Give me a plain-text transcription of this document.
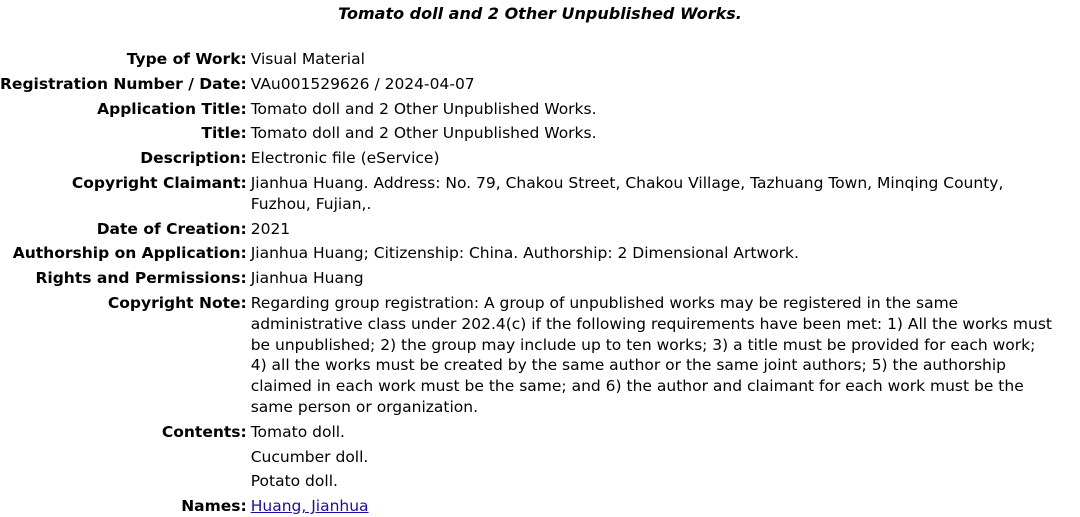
Tomato doll and 2 Other Unpublished Works.
Type of Work:	Visual Material
Registration Number / Date:	VAu001529626 / 2024-04-07
Application Title:	Tomato doll and 2 Other Unpublished Works.
Title:	Tomato doll and 2 Other Unpublished Works.
Description:	Electronic file (eService)
Copyright Claimant:	Jianhua Huang. Address: No. 79, Chakou Street, Chakou Village, Tazhuang Town, Minqing County, Fuzhou, Fujian,.
Date of Creation:	2021
Authorship on Application:	Jianhua Huang; Citizenship: China. Authorship: 2 Dimensional Artwork.
Rights and Permissions:	Jianhua Huang
Copyright Note:	Regarding group registration: A group of unpublished works may be registered in the same administrative class under 202.4(c) if the following requirements have been met: 1) All the works must be unpublished; 2) the group may include up to ten works; 3) a title must be provided for each work; 4) all the works must be created by the same author or the same joint authors; 5) the authorship claimed in each work must be the same; and 6) the author and claimant for each work must be the same person or organization.
Contents:	Tomato doll.
Cucumber doll.
Potato doll.

Names:	Huang, Jianhua
